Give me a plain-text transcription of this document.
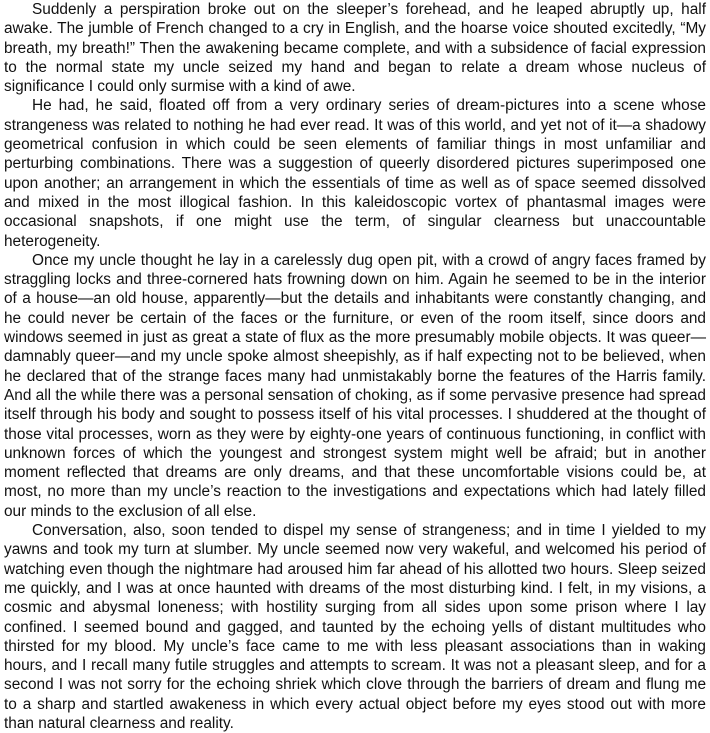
Suddenly a perspiration broke out on the sleeper’s forehead, and he leaped abruptly up, half awake. The jumble of French changed to a cry in English, and the hoarse voice shouted excitedly, “My breath, my breath!” Then the awakening became complete, and with a subsidence of facial expression to the normal state my uncle seized my hand and began to relate a dream whose nucleus of significance I could only surmise with a kind of awe.

He had, he said, floated off from a very ordinary series of dream-pictures into a scene whose strangeness was related to nothing he had ever read. It was of this world, and yet not of it—a shadowy geometrical confusion in which could be seen elements of familiar things in most unfamiliar and perturbing combinations. There was a suggestion of queerly disordered pictures superimposed one upon another; an arrangement in which the essentials of time as well as of space seemed dissolved and mixed in the most illogical fashion. In this kaleidoscopic vortex of phantasmal images were occasional snapshots, if one might use the term, of singular clearness but unaccountable heterogeneity.

Once my uncle thought he lay in a carelessly dug open pit, with a crowd of angry faces framed by straggling locks and three-cornered hats frowning down on him. Again he seemed to be in the interior of a house—an old house, apparently—but the details and inhabitants were constantly changing, and he could never be certain of the faces or the furniture, or even of the room itself, since doors and windows seemed in just as great a state of flux as the more presumably mobile objects. It was queer—damnably queer—and my uncle spoke almost sheepishly, as if half expecting not to be believed, when he declared that of the strange faces many had unmistakably borne the features of the Harris family. And all the while there was a personal sensation of choking, as if some pervasive presence had spread itself through his body and sought to possess itself of his vital processes. I shuddered at the thought of those vital processes, worn as they were by eighty-one years of continuous functioning, in conflict with unknown forces of which the youngest and strongest system might well be afraid; but in another moment reflected that dreams are only dreams, and that these uncomfortable visions could be, at most, no more than my uncle’s reaction to the investigations and expectations which had lately filled our minds to the exclusion of all else.

Conversation, also, soon tended to dispel my sense of strangeness; and in time I yielded to my yawns and took my turn at slumber. My uncle seemed now very wakeful, and welcomed his period of watching even though the nightmare had aroused him far ahead of his allotted two hours. Sleep seized me quickly, and I was at once haunted with dreams of the most disturbing kind. I felt, in my visions, a cosmic and abysmal loneness; with hostility surging from all sides upon some prison where I lay confined. I seemed bound and gagged, and taunted by the echoing yells of distant multitudes who thirsted for my blood. My uncle’s face came to me with less pleasant associations than in waking hours, and I recall many futile struggles and attempts to scream. It was not a pleasant sleep, and for a second I was not sorry for the echoing shriek which clove through the barriers of dream and flung me to a sharp and startled awakeness in which every actual object before my eyes stood out with more than natural clearness and reality.
